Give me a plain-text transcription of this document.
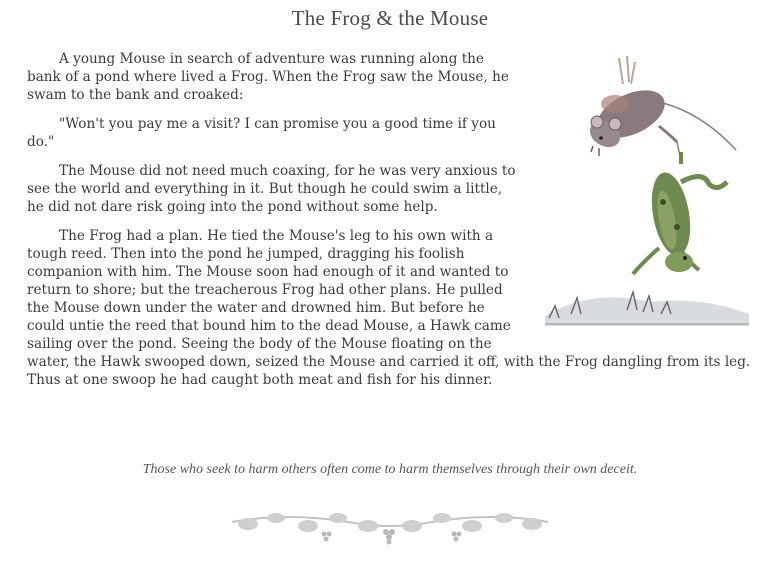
The Frog & the Mouse

A young Mouse in search of adventure was running along the bank of a pond where lived a Frog. When the Frog saw the Mouse, he swam to the bank and croaked:

"Won't you pay me a visit? I can promise you a good time if you do."

The Mouse did not need much coaxing, for he was very anxious to see the world and everything in it. But though he could swim a little, he did not dare risk going into the pond without some help.

The Frog had a plan. He tied the Mouse's leg to his own with a tough reed. Then into the pond he jumped, dragging his foolish companion with him. The Mouse soon had enough of it and wanted to return to shore; but the treacherous Frog had other plans. He pulled the Mouse down under the water and drowned him. But before he could untie the reed that bound him to the dead Mouse, a Hawk came sailing over the pond. Seeing the body of the Mouse floating on the water, the Hawk swooped down, seized the Mouse and carried it off, with the Frog dangling from its leg. Thus at one swoop he had caught both meat and fish for his dinner.

Those who seek to harm others often come to harm themselves through their own deceit.
